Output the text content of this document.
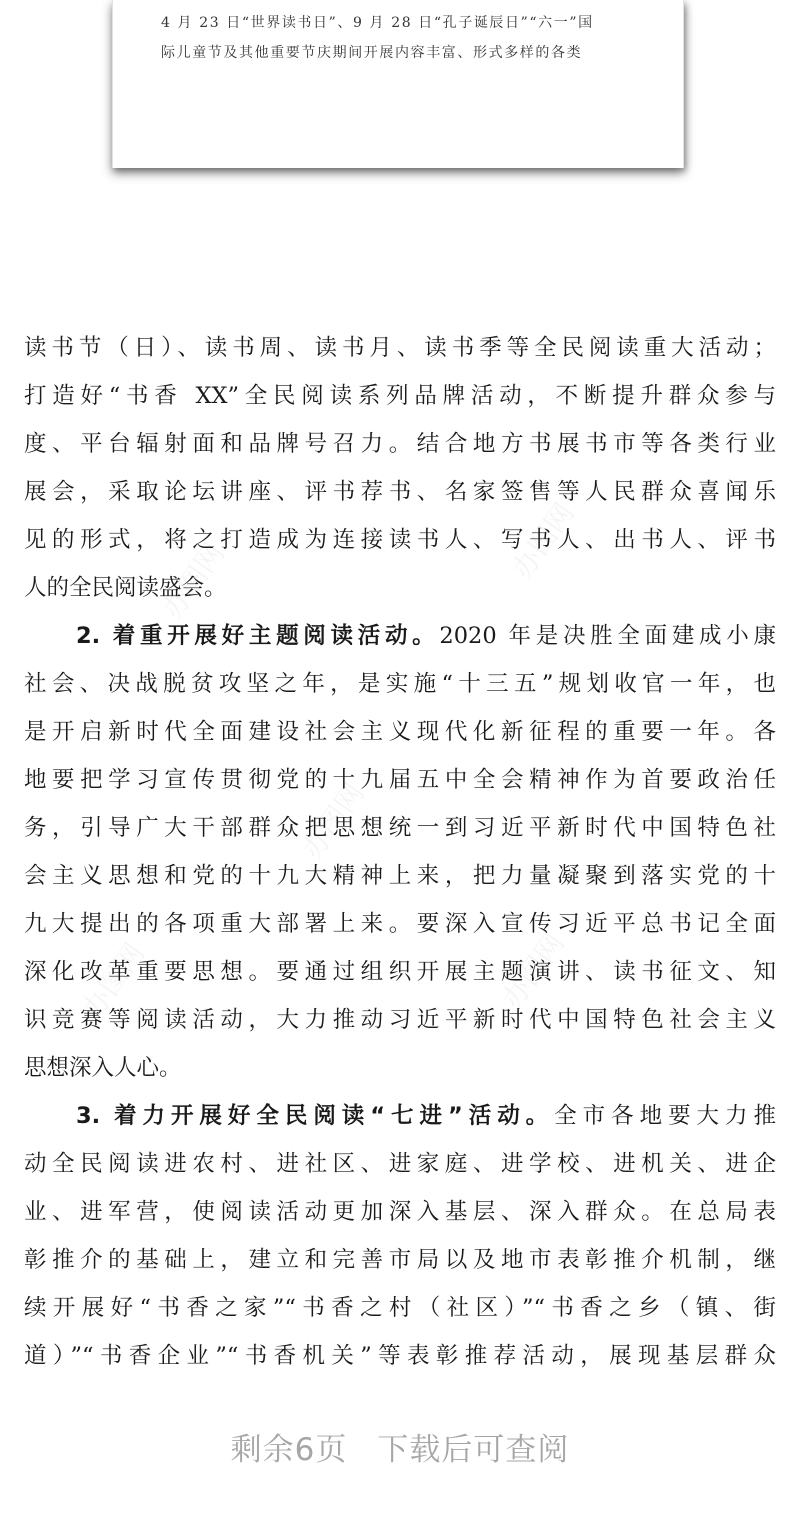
4 月 23 日“世界读书日”、9 月 28 日“孔子诞辰日”“六一”国

际儿童节及其他重要节庆期间开展内容丰富、形式多样的各类

读书节（日）、读书周、读书月、读书季等全民阅读重大活动；
打造好“书香 XX”全民阅读系列品牌活动，不断提升群众参与
度、平台辐射面和品牌号召力。结合地方书展书市等各类行业
展会，采取论坛讲座、评书荐书、名家签售等人民群众喜闻乐
见的形式，将之打造成为连接读书人、写书人、出书人、评书
人的全民阅读盛会。
2. 着重开展好主题阅读活动。2020 年是决胜全面建成小康
社会、决战脱贫攻坚之年，是实施“十三五”规划收官一年，也
是开启新时代全面建设社会主义现代化新征程的重要一年。各
地要把学习宣传贯彻党的十九届五中全会精神作为首要政治任
务，引导广大干部群众把思想统一到习近平新时代中国特色社
会主义思想和党的十九大精神上来，把力量凝聚到落实党的十
九大提出的各项重大部署上来。要深入宣传习近平总书记全面
深化改革重要思想。要通过组织开展主题演讲、读书征文、知
识竞赛等阅读活动，大力推动习近平新时代中国特色社会主义
思想深入人心。
3. 着力开展好全民阅读“七进”活动。全市各地要大力推
动全民阅读进农村、进社区、进家庭、进学校、进机关、进企
业、进军营，使阅读活动更加深入基层、深入群众。在总局表
彰推介的基础上，建立和完善市局以及地市表彰推介机制，继
续开展好“书香之家”“书香之村（社区）”“书香之乡（镇、街
道）”“书香企业”“书香机关”等表彰推荐活动，展现基层群众
剩余6页 下载后可查阅
